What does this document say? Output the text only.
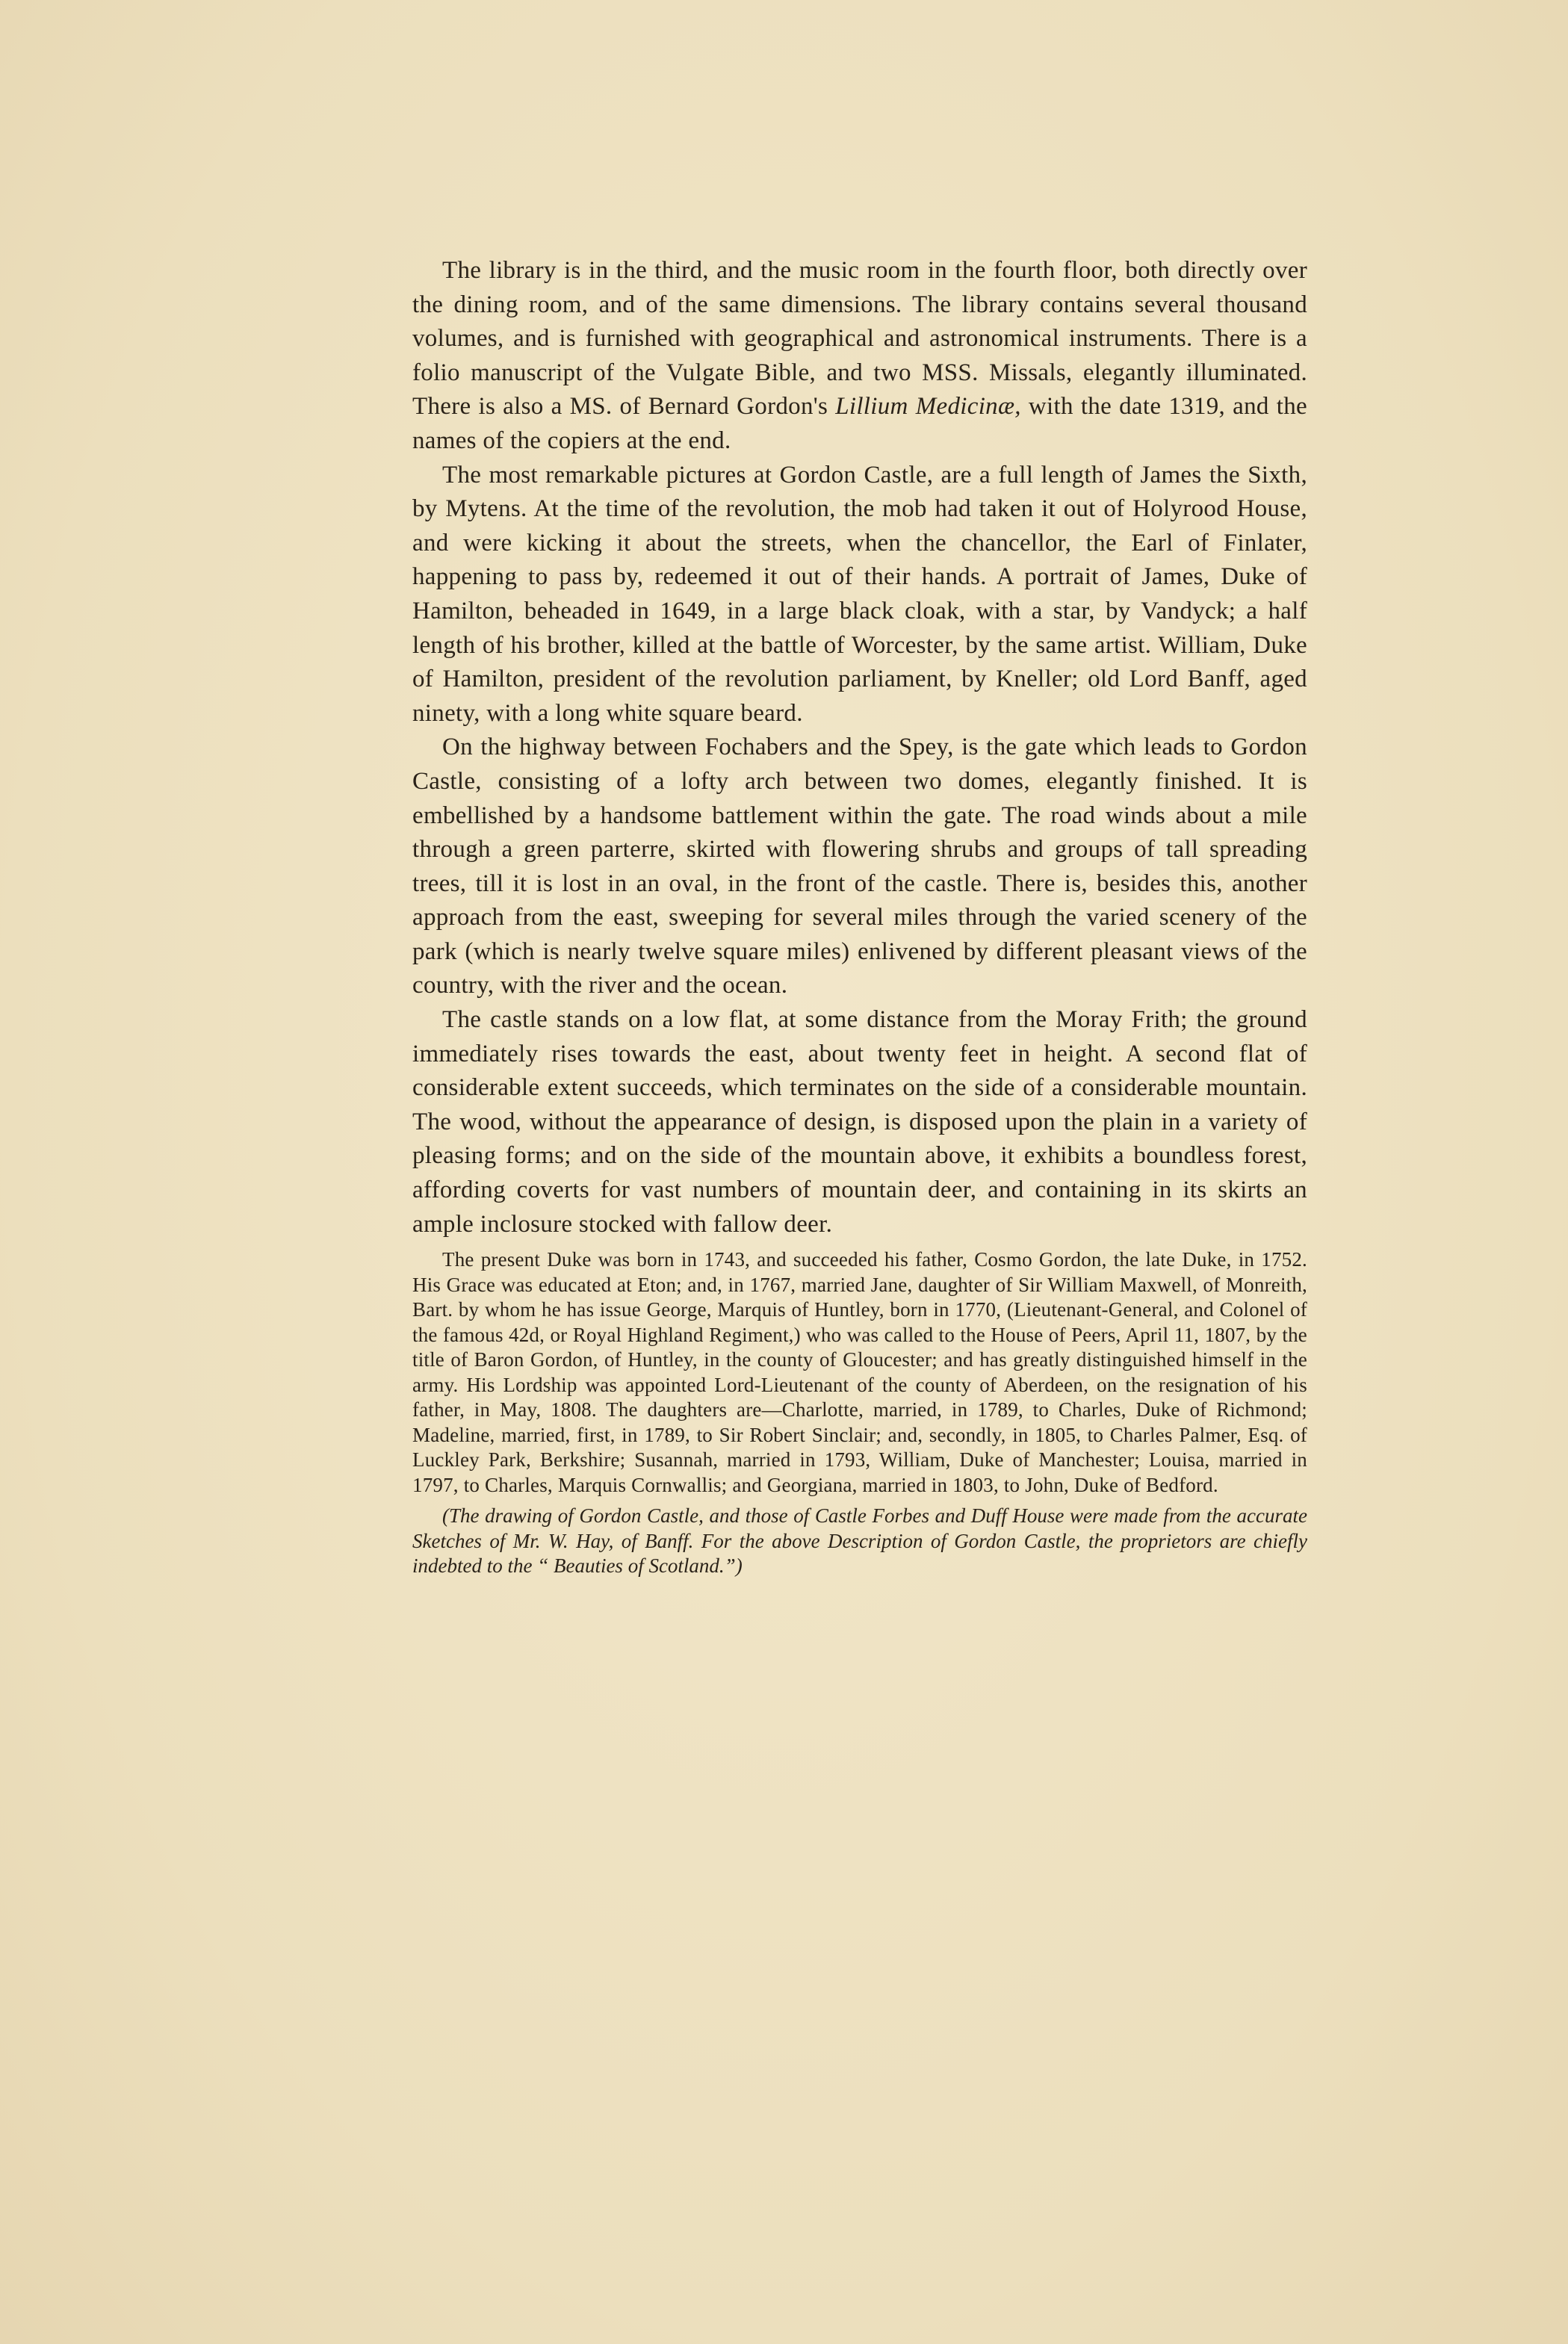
The library is in the third, and the music room in the fourth floor, both directly over the dining room, and of the same dimensions. The library contains several thousand volumes, and is furnished with geographical and astronomical instruments. There is a folio manuscript of the Vulgate Bible, and two MSS. Missals, elegantly illuminated. There is also a MS. of Bernard Gordon's Lillium Medicinæ, with the date 1319, and the names of the copiers at the end.

The most remarkable pictures at Gordon Castle, are a full length of James the Sixth, by Mytens. At the time of the revolution, the mob had taken it out of Holyrood House, and were kicking it about the streets, when the chancellor, the Earl of Finlater, happening to pass by, redeemed it out of their hands. A portrait of James, Duke of Hamilton, beheaded in 1649, in a large black cloak, with a star, by Vandyck; a half length of his brother, killed at the battle of Worcester, by the same artist. William, Duke of Hamilton, president of the revolution parliament, by Kneller; old Lord Banff, aged ninety, with a long white square beard.

On the highway between Fochabers and the Spey, is the gate which leads to Gordon Castle, consisting of a lofty arch between two domes, elegantly finished. It is embellished by a handsome battlement within the gate. The road winds about a mile through a green parterre, skirted with flowering shrubs and groups of tall spreading trees, till it is lost in an oval, in the front of the castle. There is, besides this, another approach from the east, sweeping for several miles through the varied scenery of the park (which is nearly twelve square miles) enlivened by different pleasant views of the country, with the river and the ocean.

The castle stands on a low flat, at some distance from the Moray Frith; the ground immediately rises towards the east, about twenty feet in height. A second flat of considerable extent succeeds, which terminates on the side of a considerable mountain. The wood, without the appearance of design, is disposed upon the plain in a variety of pleasing forms; and on the side of the mountain above, it exhibits a boundless forest, affording coverts for vast numbers of mountain deer, and containing in its skirts an ample inclosure stocked with fallow deer.

The present Duke was born in 1743, and succeeded his father, Cosmo Gordon, the late Duke, in 1752. His Grace was educated at Eton; and, in 1767, married Jane, daughter of Sir William Maxwell, of Monreith, Bart. by whom he has issue George, Marquis of Huntley, born in 1770, (Lieutenant-General, and Colonel of the famous 42d, or Royal Highland Regiment,) who was called to the House of Peers, April 11, 1807, by the title of Baron Gordon, of Huntley, in the county of Gloucester; and has greatly distinguished himself in the army. His Lordship was appointed Lord-Lieutenant of the county of Aberdeen, on the resignation of his father, in May, 1808. The daughters are—Charlotte, married, in 1789, to Charles, Duke of Richmond; Madeline, married, first, in 1789, to Sir Robert Sinclair; and, secondly, in 1805, to Charles Palmer, Esq. of Luckley Park, Berkshire; Susannah, married in 1793, William, Duke of Manchester; Louisa, married in 1797, to Charles, Marquis Cornwallis; and Georgiana, married in 1803, to John, Duke of Bedford.

(The drawing of Gordon Castle, and those of Castle Forbes and Duff House were made from the accurate Sketches of Mr. W. Hay, of Banff. For the above Description of Gordon Castle, the proprietors are chiefly indebted to the “ Beauties of Scotland.”)
